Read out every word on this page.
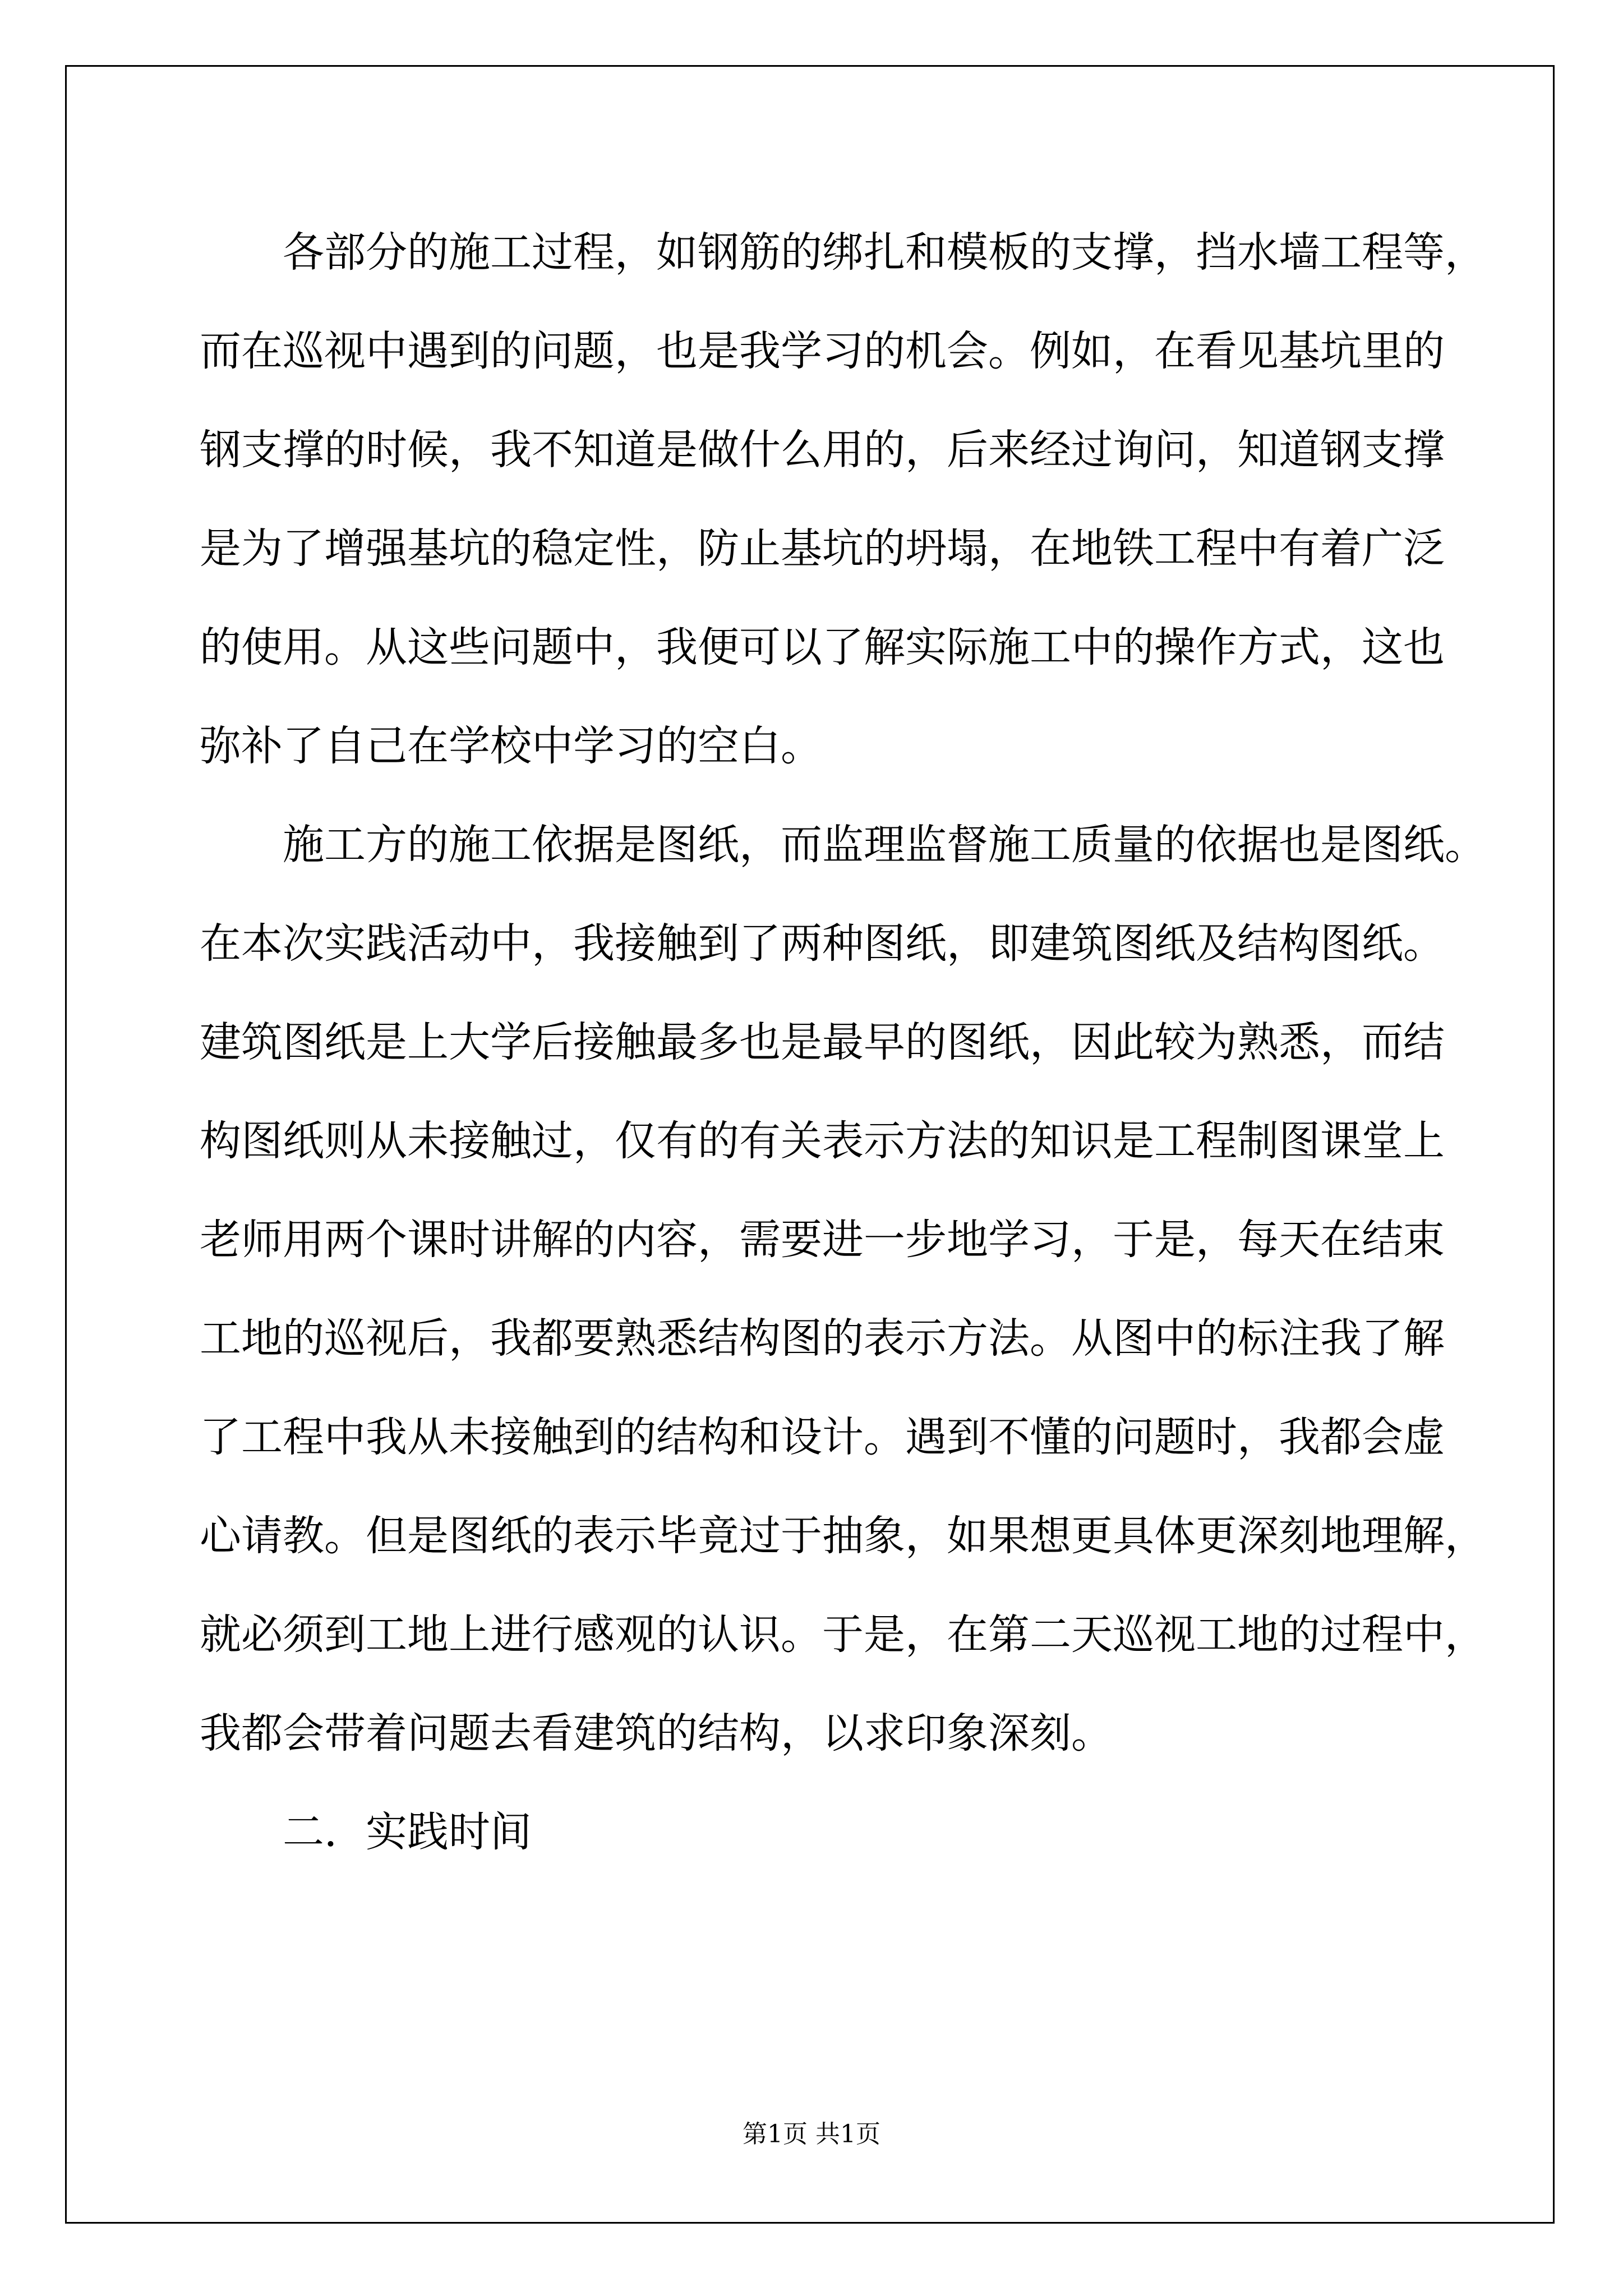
各部分的施工过程，如钢筋的绑扎和模板的支撑，挡水墙工程等，

而在巡视中遇到的问题，也是我学习的机会。例如，在看见基坑里的

钢支撑的时候，我不知道是做什么用的，后来经过询问，知道钢支撑

是为了增强基坑的稳定性，防止基坑的坍塌，在地铁工程中有着广泛

的使用。从这些问题中，我便可以了解实际施工中的操作方式，这也

弥补了自己在学校中学习的空白。

施工方的施工依据是图纸，而监理监督施工质量的依据也是图纸。

在本次实践活动中，我接触到了两种图纸，即建筑图纸及结构图纸。

建筑图纸是上大学后接触最多也是最早的图纸，因此较为熟悉，而结

构图纸则从未接触过，仅有的有关表示方法的知识是工程制图课堂上

老师用两个课时讲解的内容，需要进一步地学习，于是，每天在结束

工地的巡视后，我都要熟悉结构图的表示方法。从图中的标注我了解

了工程中我从未接触到的结构和设计。遇到不懂的问题时，我都会虚

心请教。但是图纸的表示毕竟过于抽象，如果想更具体更深刻地理解，

就必须到工地上进行感观的认识。于是，在第二天巡视工地的过程中，

我都会带着问题去看建筑的结构，以求印象深刻。

二．实践时间

第1页 共1页
